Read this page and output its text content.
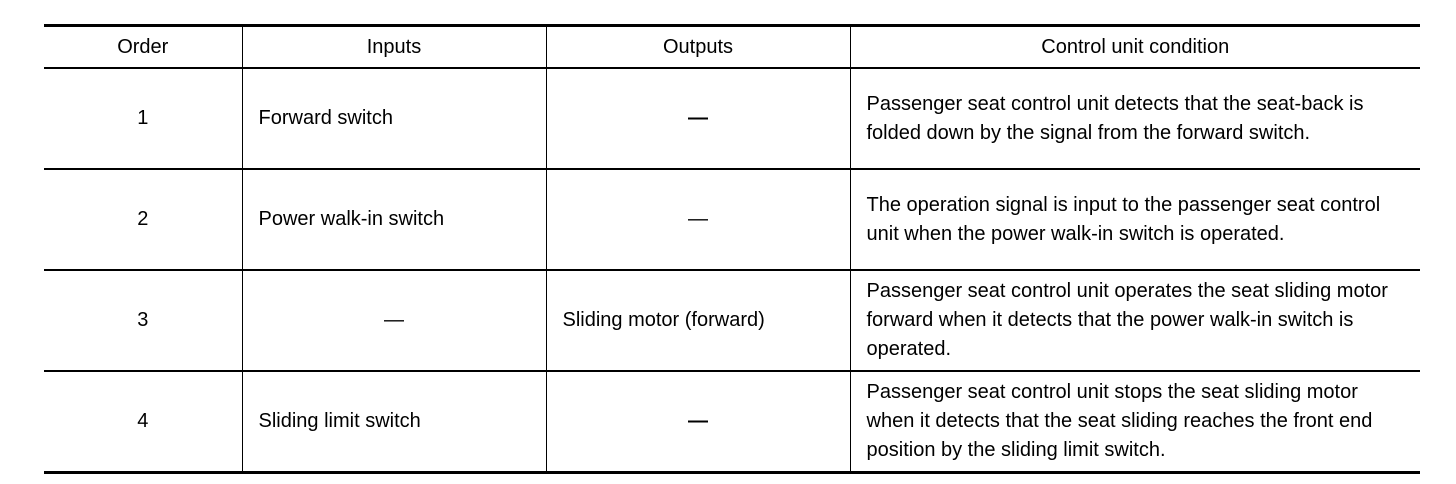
Order	Inputs	Outputs	Control unit condition
1	Forward switch	—	Passenger seat control unit detects that the seat-back is folded down by the signal from the forward switch.
2	Power walk-in switch	—	The operation signal is input to the passenger seat control unit when the power walk-in switch is operated.
3	—	Sliding motor (forward)	Passenger seat control unit operates the seat sliding motor forward when it detects that the power walk-in switch is operated.
4	Sliding limit switch	—	Passenger seat control unit stops the seat sliding motor when it detects that the seat sliding reaches the front end position by the sliding limit switch.
